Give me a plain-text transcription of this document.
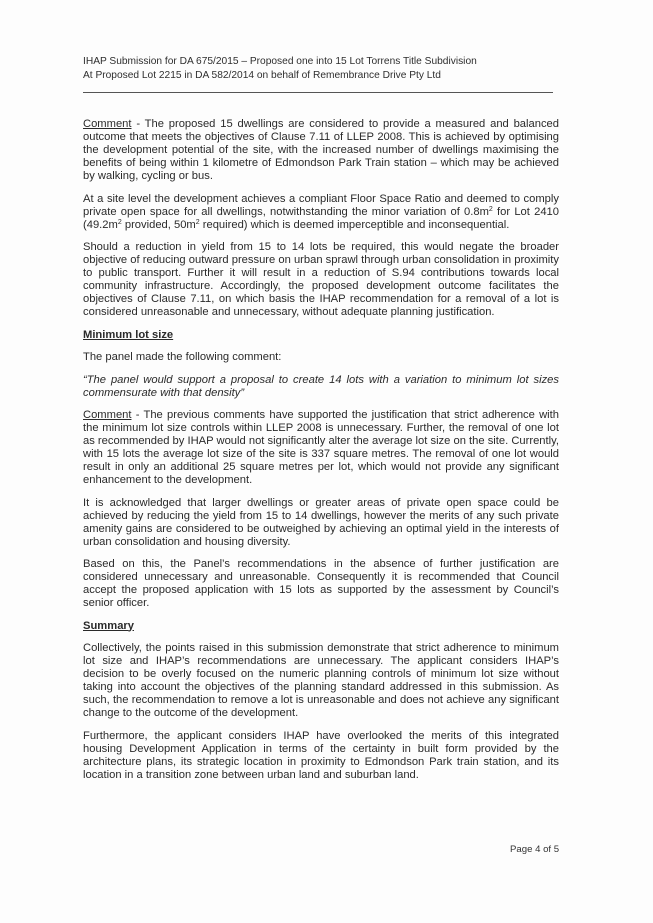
IHAP Submission for DA 675/2015 – Proposed one into 15 Lot Torrens Title Subdivision
At Proposed Lot 2215 in DA 582/2014 on behalf of Remembrance Drive Pty Ltd

Comment - The proposed 15 dwellings are considered to provide a measured and balanced outcome that meets the objectives of Clause 7.11 of LLEP 2008. This is achieved by optimising the development potential of the site, with the increased number of dwellings maximising the benefits of being within 1 kilometre of Edmondson Park Train station – which may be achieved by walking, cycling or bus.

At a site level the development achieves a compliant Floor Space Ratio and deemed to comply private open space for all dwellings, notwithstanding the minor variation of $0.8m^2$ for Lot 2410 ($49.2m^2$ provided, $50m^2$ required) which is deemed imperceptible and inconsequential.

Should a reduction in yield from 15 to 14 lots be required, this would negate the broader objective of reducing outward pressure on urban sprawl through urban consolidation in proximity to public transport. Further it will result in a reduction of S.94 contributions towards local community infrastructure. Accordingly, the proposed development outcome facilitates the objectives of Clause 7.11, on which basis the IHAP recommendation for a removal of a lot is considered unreasonable and unnecessary, without adequate planning justification.

Minimum lot size

The panel made the following comment:

“The panel would support a proposal to create 14 lots with a variation to minimum lot sizes commensurate with that density”

Comment - The previous comments have supported the justification that strict adherence with the minimum lot size controls within LLEP 2008 is unnecessary. Further, the removal of one lot as recommended by IHAP would not significantly alter the average lot size on the site. Currently, with 15 lots the average lot size of the site is 337 square metres. The removal of one lot would result in only an additional 25 square metres per lot, which would not provide any significant enhancement to the development.

It is acknowledged that larger dwellings or greater areas of private open space could be achieved by reducing the yield from 15 to 14 dwellings, however the merits of any such private amenity gains are considered to be outweighed by achieving an optimal yield in the interests of urban consolidation and housing diversity.

Based on this, the Panel’s recommendations in the absence of further justification are considered unnecessary and unreasonable. Consequently it is recommended that Council accept the proposed application with 15 lots as supported by the assessment by Council’s senior officer.

Summary

Collectively, the points raised in this submission demonstrate that strict adherence to minimum lot size and IHAP’s recommendations are unnecessary. The applicant considers IHAP’s decision to be overly focused on the numeric planning controls of minimum lot size without taking into account the objectives of the planning standard addressed in this submission. As such, the recommendation to remove a lot is unreasonable and does not achieve any significant change to the outcome of the development.

Furthermore, the applicant considers IHAP have overlooked the merits of this integrated housing Development Application in terms of the certainty in built form provided by the architecture plans, its strategic location in proximity to Edmondson Park train station, and its location in a transition zone between urban land and suburban land.

Page 4 of 5
